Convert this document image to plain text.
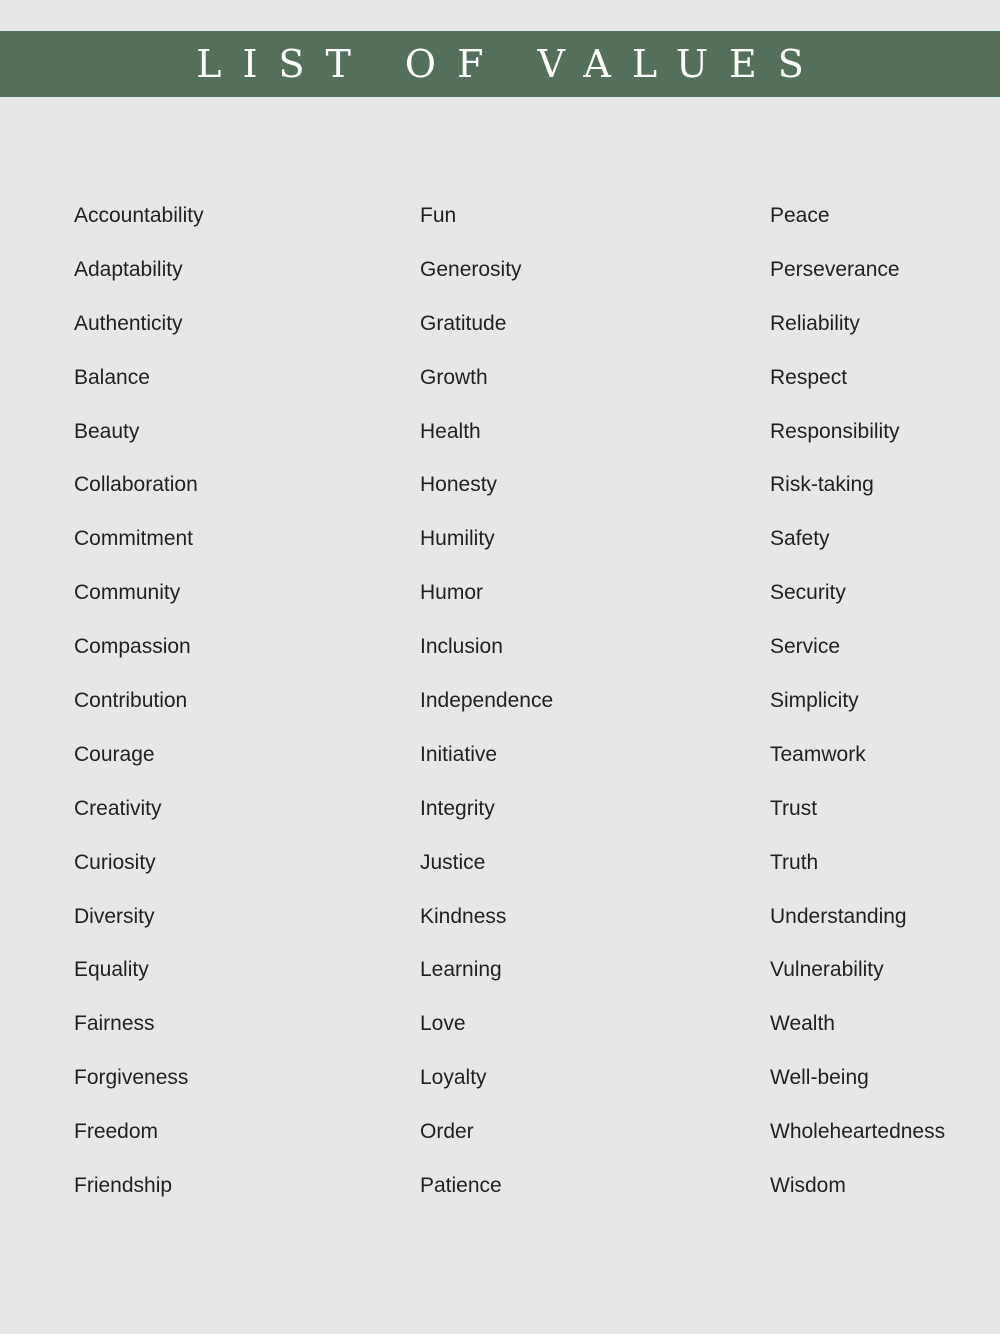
LIST OF VALUES
Accountability
Adaptability
Authenticity
Balance
Beauty
Collaboration
Commitment
Community
Compassion
Contribution
Courage
Creativity
Curiosity
Diversity
Equality
Fairness
Forgiveness
Freedom
Friendship
Fun
Generosity
Gratitude
Growth
Health
Honesty
Humility
Humor
Inclusion
Independence
Initiative
Integrity
Justice
Kindness
Learning
Love
Loyalty
Order
Patience
Peace
Perseverance
Reliability
Respect
Responsibility
Risk-taking
Safety
Security
Service
Simplicity
Teamwork
Trust
Truth
Understanding
Vulnerability
Wealth
Well-being
Wholeheartedness
Wisdom
